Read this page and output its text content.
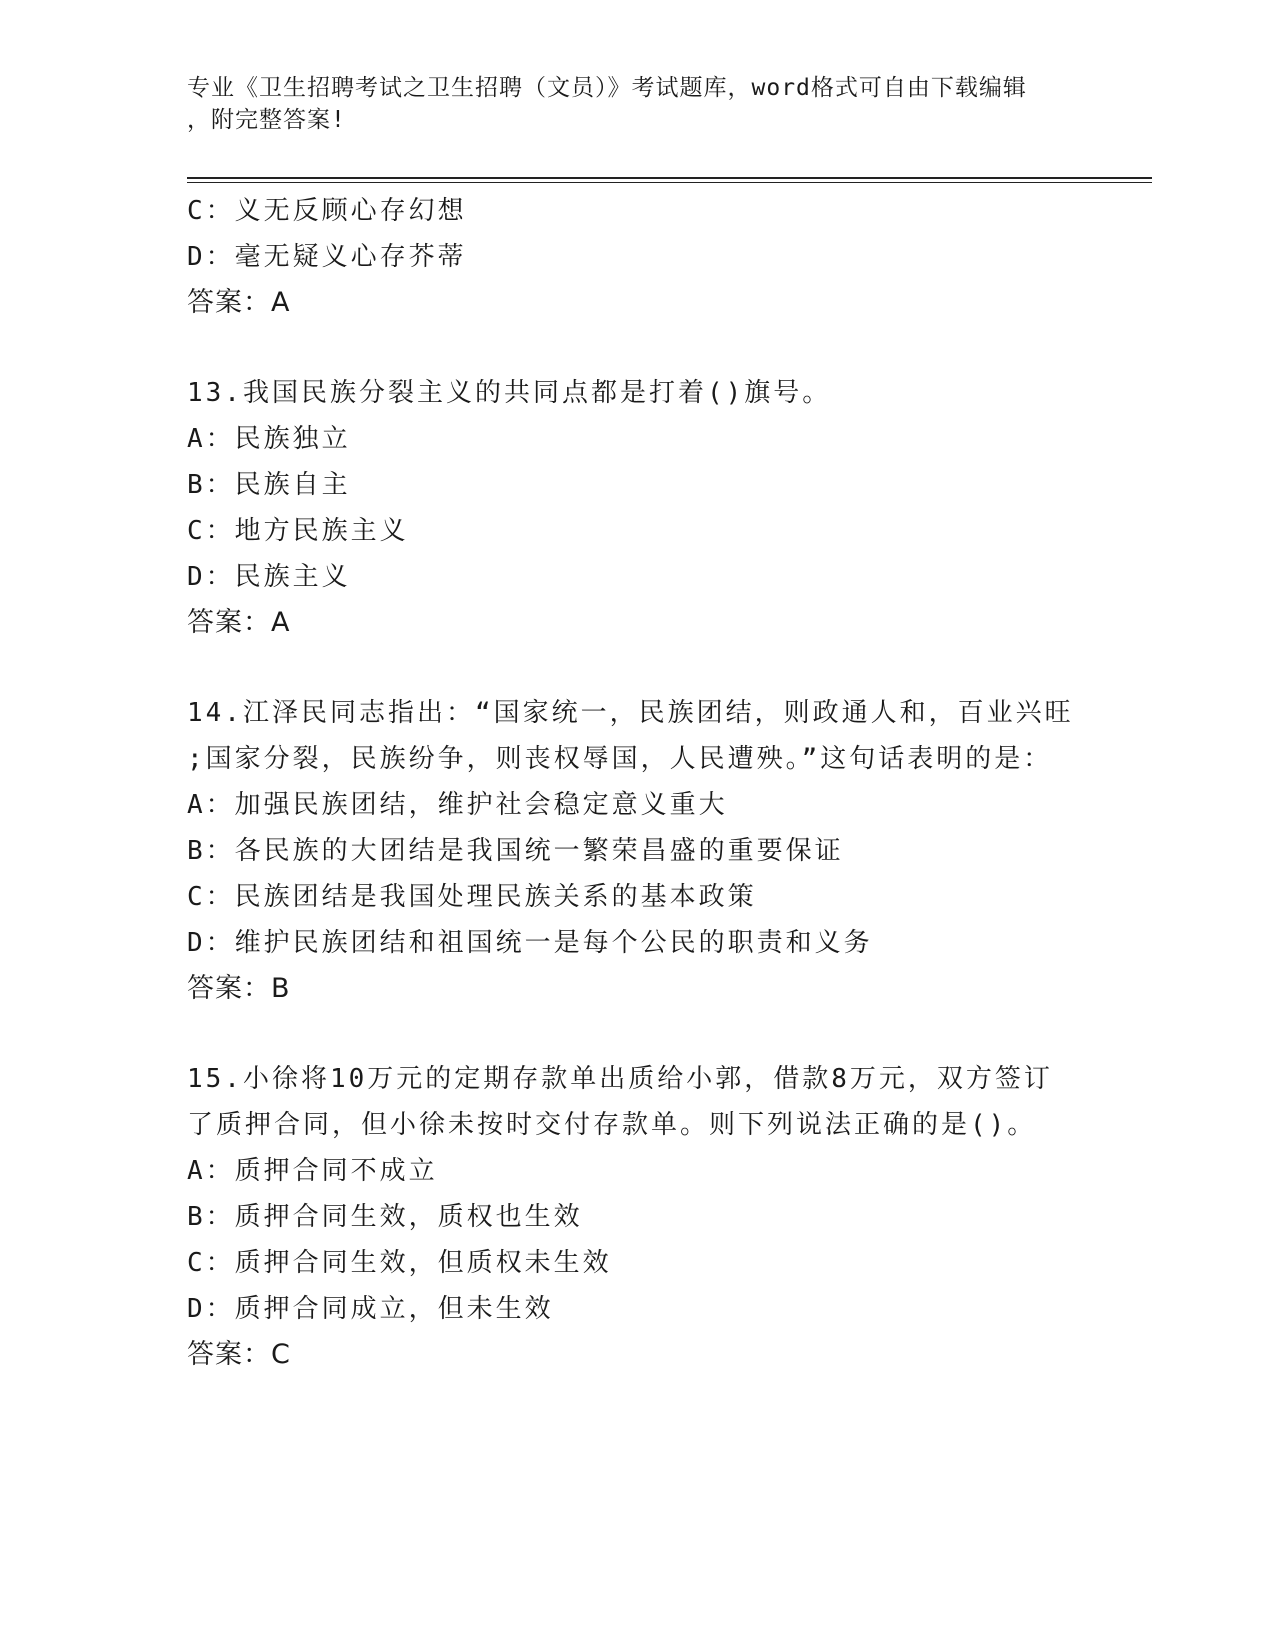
专业《卫生招聘考试之卫生招聘（文员）》考试题库，word格式可自由下载编辑
，附完整答案!
C：义无反顾心存幻想
D：毫无疑义心存芥蒂
答案：A
13.我国民族分裂主义的共同点都是打着()旗号。
A：民族独立
B：民族自主
C：地方民族主义
D：民族主义
答案：A
14.江泽民同志指出：“国家统一，民族团结，则政通人和，百业兴旺
;国家分裂，民族纷争，则丧权辱国，人民遭殃。”这句话表明的是：
A：加强民族团结，维护社会稳定意义重大
B：各民族的大团结是我国统一繁荣昌盛的重要保证
C：民族团结是我国处理民族关系的基本政策
D：维护民族团结和祖国统一是每个公民的职责和义务
答案：B
15.小徐将10万元的定期存款单出质给小郭，借款8万元，双方签订
了质押合同，但小徐未按时交付存款单。则下列说法正确的是()。
A：质押合同不成立
B：质押合同生效，质权也生效
C：质押合同生效，但质权未生效
D：质押合同成立，但未生效
答案：C
